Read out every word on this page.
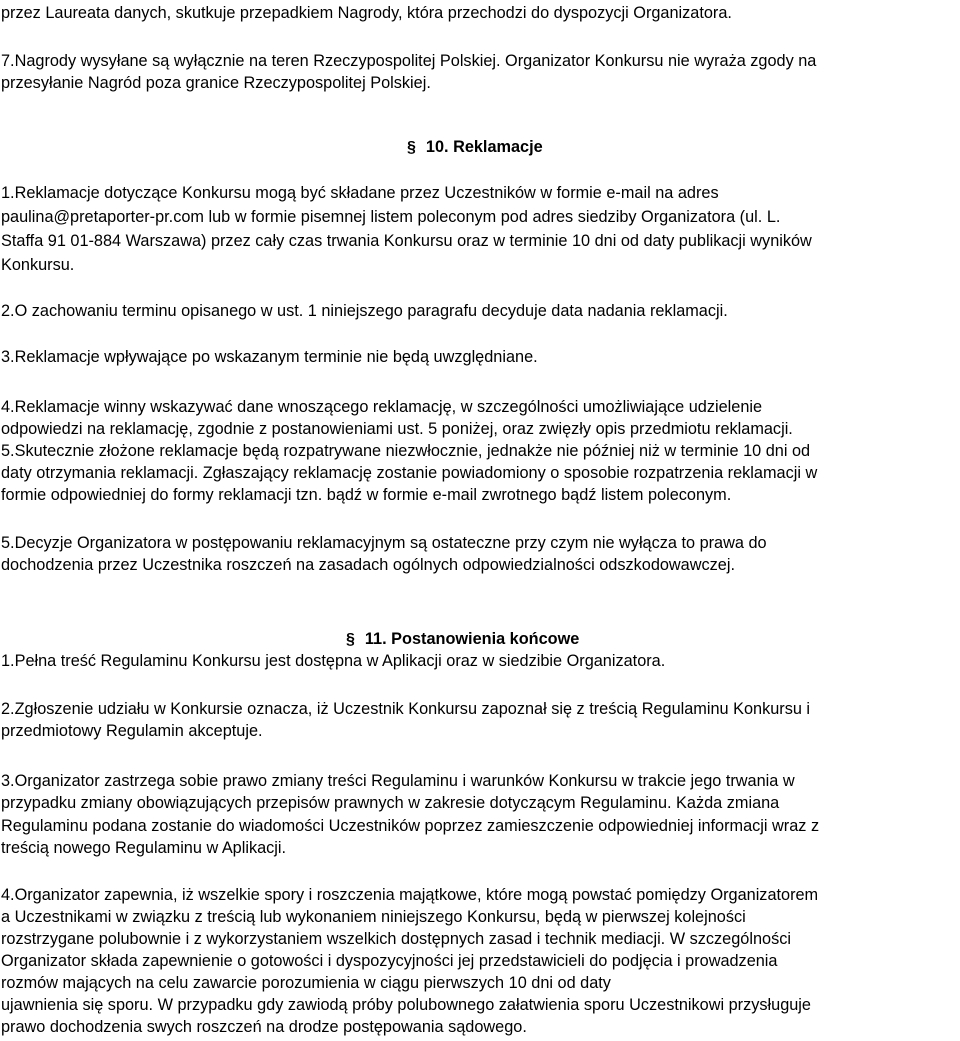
przez Laureata danych, skutkuje przepadkiem Nagrody, która przechodzi do dyspozycji Organizatora.
7.Nagrody wysyłane są wyłącznie na teren Rzeczypospolitej Polskiej. Organizator Konkursu nie wyraża zgody na
przesyłanie Nagród poza granice Rzeczypospolitej Polskiej.
§ 10. Reklamacje
1.Reklamacje dotyczące Konkursu mogą być składane przez Uczestników w formie e-mail na adres
paulina@pretaporter-pr.com lub w formie pisemnej listem poleconym pod adres siedziby Organizatora (ul. L.
Staffa 91 01-884 Warszawa) przez cały czas trwania Konkursu oraz w terminie 10 dni od daty publikacji wyników
Konkursu.
2.O zachowaniu terminu opisanego w ust. 1 niniejszego paragrafu decyduje data nadania reklamacji.
3.Reklamacje wpływające po wskazanym terminie nie będą uwzględniane.
4.Reklamacje winny wskazywać dane wnoszącego reklamację, w szczególności umożliwiające udzielenie
odpowiedzi na reklamację, zgodnie z postanowieniami ust. 5 poniżej, oraz zwięzły opis przedmiotu reklamacji.
5.Skutecznie złożone reklamacje będą rozpatrywane niezwłocznie, jednakże nie później niż w terminie 10 dni od
daty otrzymania reklamacji. Zgłaszający reklamację zostanie powiadomiony o sposobie rozpatrzenia reklamacji w
formie odpowiedniej do formy reklamacji tzn. bądź w formie e-mail zwrotnego bądź listem poleconym.
5.Decyzje Organizatora w postępowaniu reklamacyjnym są ostateczne przy czym nie wyłącza to prawa do
dochodzenia przez Uczestnika roszczeń na zasadach ogólnych odpowiedzialności odszkodowawczej.
§ 11. Postanowienia końcowe
1.Pełna treść Regulaminu Konkursu jest dostępna w Aplikacji oraz w siedzibie Organizatora.
2.Zgłoszenie udziału w Konkursie oznacza, iż Uczestnik Konkursu zapoznał się z treścią Regulaminu Konkursu i
przedmiotowy Regulamin akceptuje.
3.Organizator zastrzega sobie prawo zmiany treści Regulaminu i warunków Konkursu w trakcie jego trwania w
przypadku zmiany obowiązujących przepisów prawnych w zakresie dotyczącym Regulaminu. Każda zmiana
Regulaminu podana zostanie do wiadomości Uczestników poprzez zamieszczenie odpowiedniej informacji wraz z
treścią nowego Regulaminu w Aplikacji.
4.Organizator zapewnia, iż wszelkie spory i roszczenia majątkowe, które mogą powstać pomiędzy Organizatorem
a Uczestnikami w związku z treścią lub wykonaniem niniejszego Konkursu, będą w pierwszej kolejności
rozstrzygane polubownie i z wykorzystaniem wszelkich dostępnych zasad i technik mediacji. W szczególności
Organizator składa zapewnienie o gotowości i dyspozycyjności jej przedstawicieli do podjęcia i prowadzenia
rozmów mających na celu zawarcie porozumienia w ciągu pierwszych 10 dni od daty
ujawnienia się sporu. W przypadku gdy zawiodą próby polubownego załatwienia sporu Uczestnikowi przysługuje
prawo dochodzenia swych roszczeń na drodze postępowania sądowego.
